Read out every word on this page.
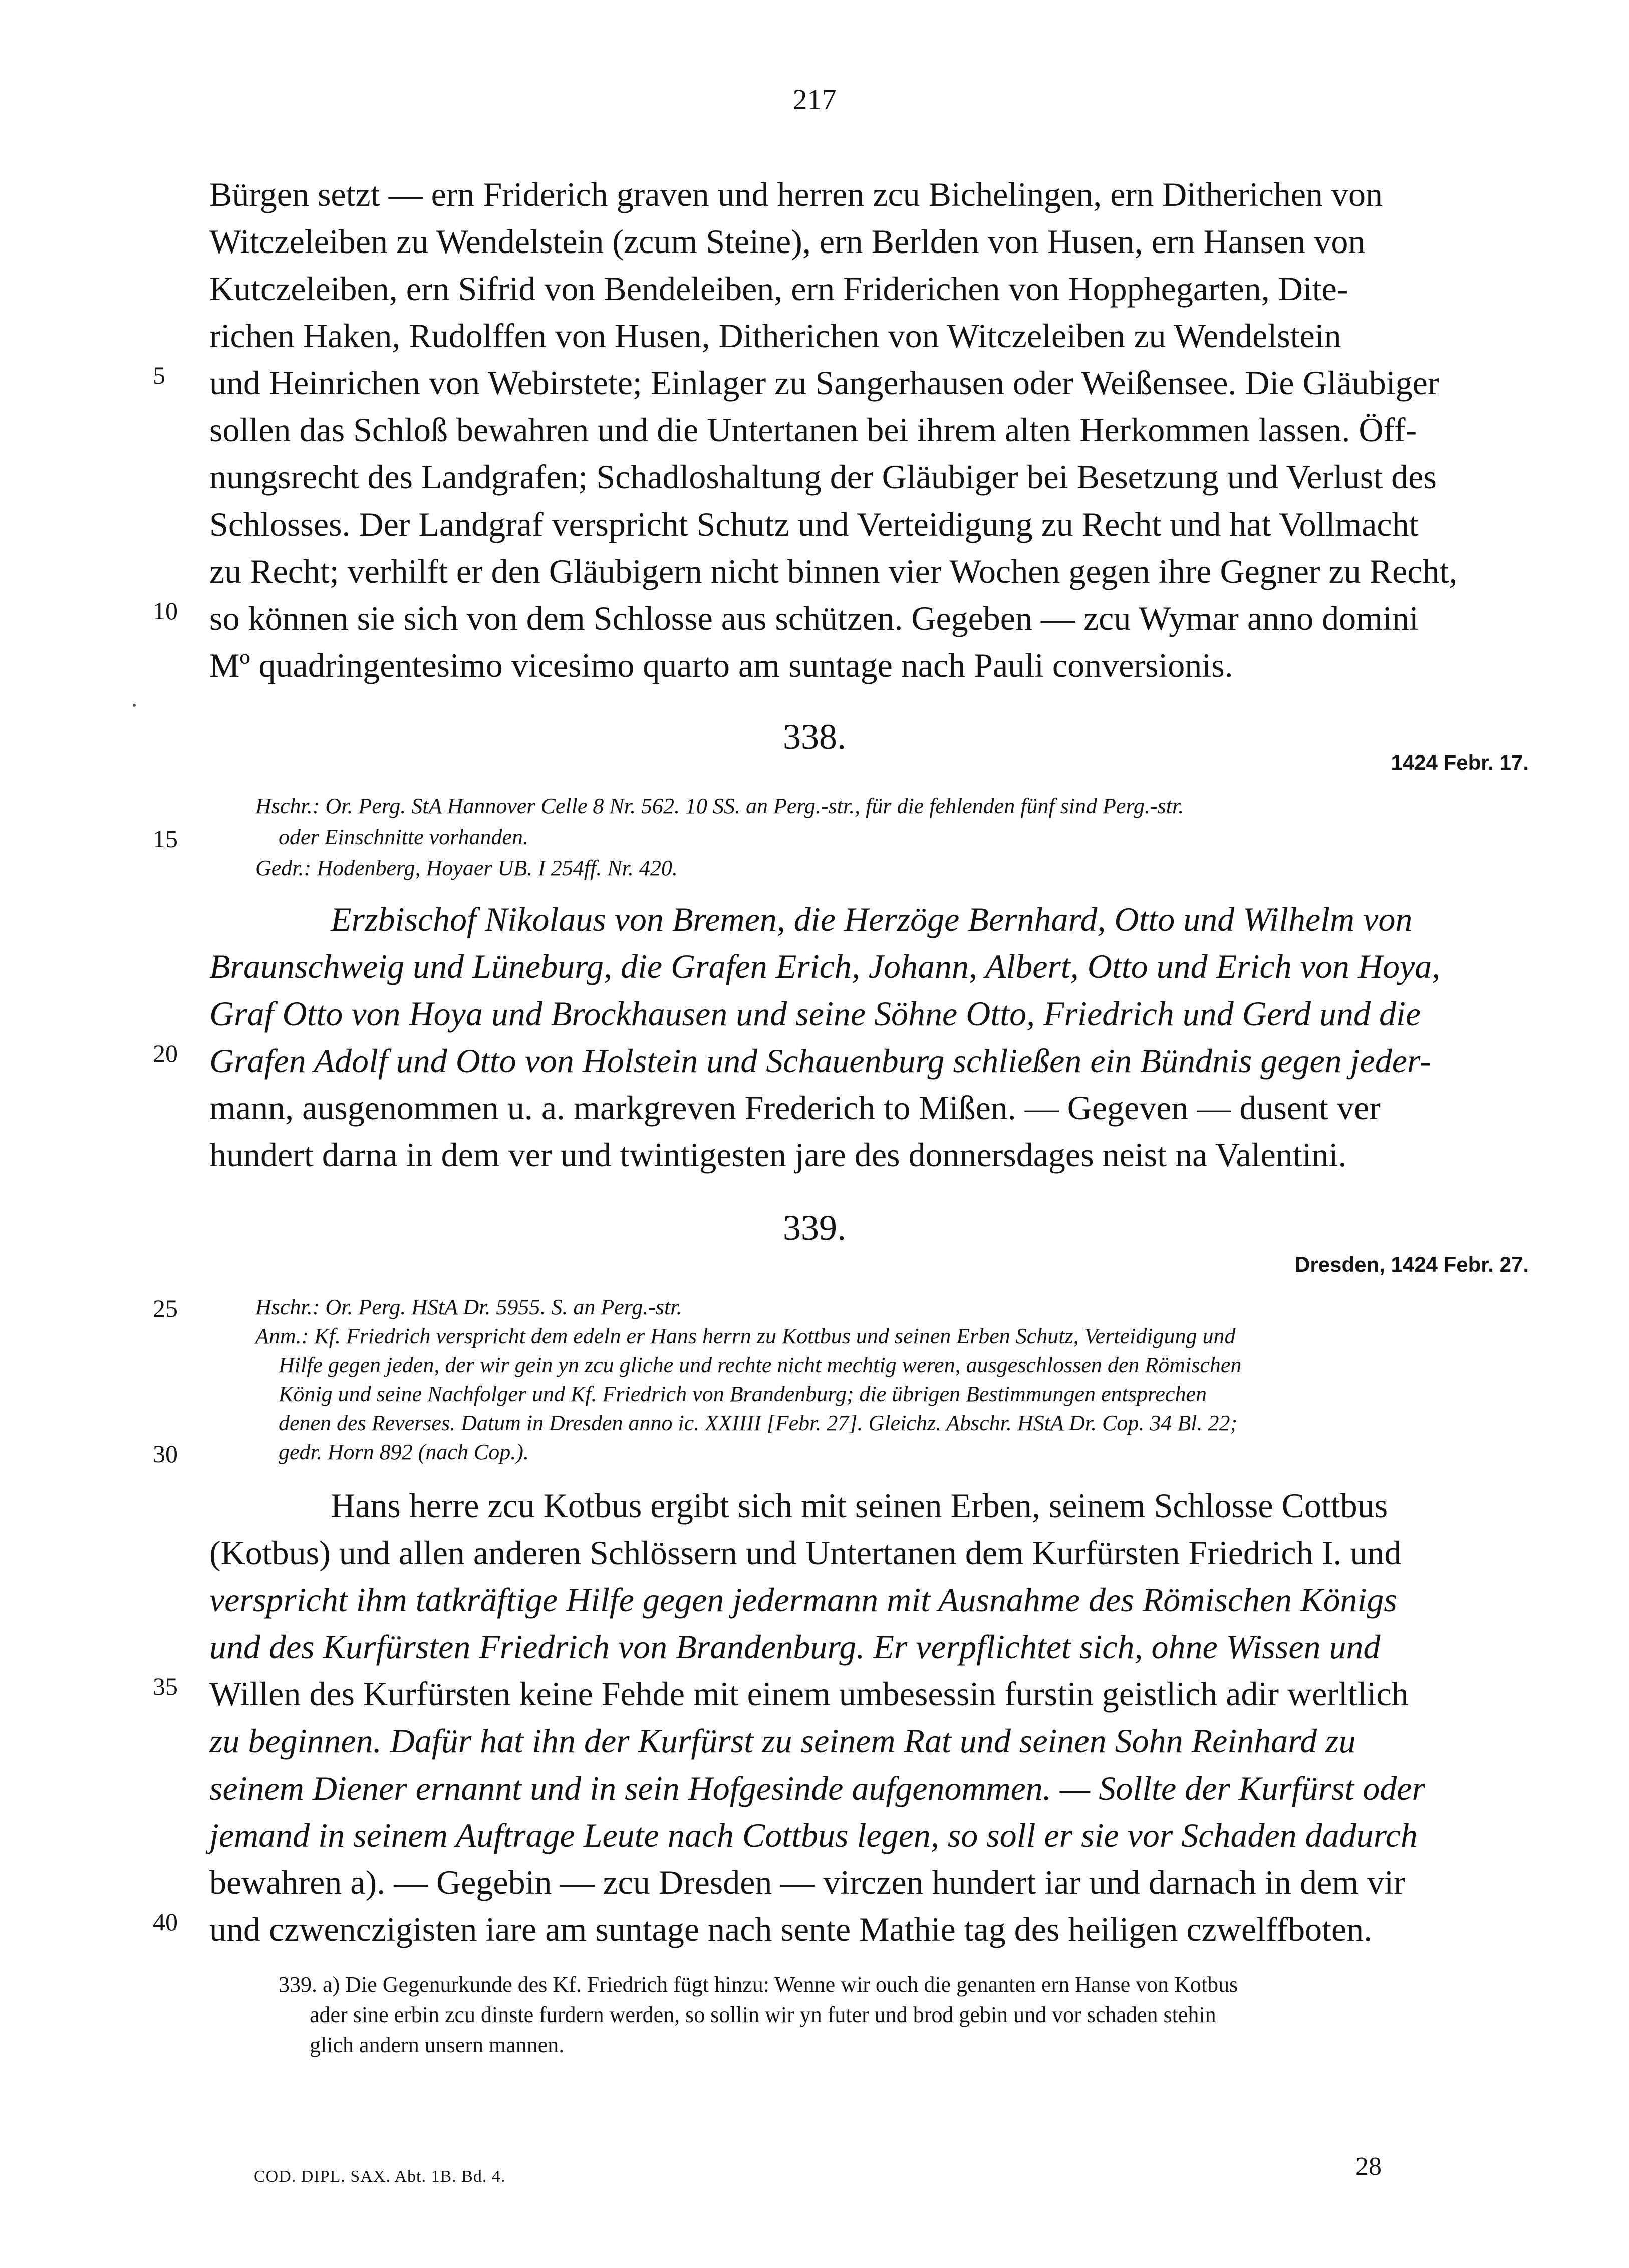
217
Bürgen setzt — ern Friderich graven und herren zcu Bichelingen, ern Ditherichen von
Witczeleiben zu Wendelstein (zcum Steine), ern Berlden von Husen, ern Hansen von
Kutczeleiben, ern Sifrid von Bendeleiben, ern Friderichen von Hopphegarten, Dite-
richen Haken, Rudolffen von Husen, Ditherichen von Witczeleiben zu Wendelstein
und Heinrichen von Webirstete; Einlager zu Sangerhausen oder Weißensee. Die Gläubiger
sollen das Schloß bewahren und die Untertanen bei ihrem alten Herkommen lassen. Öff-
nungsrecht des Landgrafen; Schadloshaltung der Gläubiger bei Besetzung und Verlust des
Schlosses. Der Landgraf verspricht Schutz und Verteidigung zu Recht und hat Vollmacht
zu Recht; verhilft er den Gläubigern nicht binnen vier Wochen gegen ihre Gegner zu Recht,
so können sie sich von dem Schlosse aus schützen. Gegeben — zcu Wymar anno domini
Mº quadringentesimo vicesimo quarto am suntage nach Pauli conversionis.
338.
1424 Febr. 17.
Hschr.: Or. Perg. StA Hannover Celle 8 Nr. 562. 10 SS. an Perg.-str., für die fehlenden fünf sind Perg.-str.
oder Einschnitte vorhanden.
Gedr.: Hodenberg, Hoyaer UB. I 254ff. Nr. 420.
Erzbischof Nikolaus von Bremen, die Herzöge Bernhard, Otto und Wilhelm von
Braunschweig und Lüneburg, die Grafen Erich, Johann, Albert, Otto und Erich von Hoya,
Graf Otto von Hoya und Brockhausen und seine Söhne Otto, Friedrich und Gerd und die
Grafen Adolf und Otto von Holstein und Schauenburg schließen ein Bündnis gegen jeder-
mann, ausgenommen u. a. markgreven Frederich to Mißen. — Gegeven — dusent ver
hundert darna in dem ver und twintigesten jare des donnersdages neist na Valentini.
339.
Dresden, 1424 Febr. 27.
Hschr.: Or. Perg. HStA Dr. 5955. S. an Perg.-str.
Anm.: Kf. Friedrich verspricht dem edeln er Hans herrn zu Kottbus und seinen Erben Schutz, Verteidigung und
Hilfe gegen jeden, der wir gein yn zcu gliche und rechte nicht mechtig weren, ausgeschlossen den Römischen
König und seine Nachfolger und Kf. Friedrich von Brandenburg; die übrigen Bestimmungen entsprechen
denen des Reverses. Datum in Dresden anno ic. XXIIII [Febr. 27]. Gleichz. Abschr. HStA Dr. Cop. 34 Bl. 22;
gedr. Horn 892 (nach Cop.).
Hans herre zcu Kotbus ergibt sich mit seinen Erben, seinem Schlosse Cottbus
(Kotbus) und allen anderen Schlössern und Untertanen dem Kurfürsten Friedrich I. und
verspricht ihm tatkräftige Hilfe gegen jedermann mit Ausnahme des Römischen Königs
und des Kurfürsten Friedrich von Brandenburg. Er verpflichtet sich, ohne Wissen und
Willen des Kurfürsten keine Fehde mit einem umbesessin furstin geistlich adir werltlich
zu beginnen. Dafür hat ihn der Kurfürst zu seinem Rat und seinen Sohn Reinhard zu
seinem Diener ernannt und in sein Hofgesinde aufgenommen. — Sollte der Kurfürst oder
jemand in seinem Auftrage Leute nach Cottbus legen, so soll er sie vor Schaden dadurch
bewahren a). — Gegebin — zcu Dresden — virczen hundert iar und darnach in dem vir
und czwenczigisten iare am suntage nach sente Mathie tag des heiligen czwelffboten.
339. a) Die Gegenurkunde des Kf. Friedrich fügt hinzu: Wenne wir ouch die genanten ern Hanse von Kotbus
ader sine erbin zcu dinste furdern werden, so sollin wir yn futer und brod gebin und vor schaden stehin
glich andern unsern mannen.
5
10
15
20
25
30
35
40
COD. DIPL. SAX. Abt. 1B. Bd. 4.	28
